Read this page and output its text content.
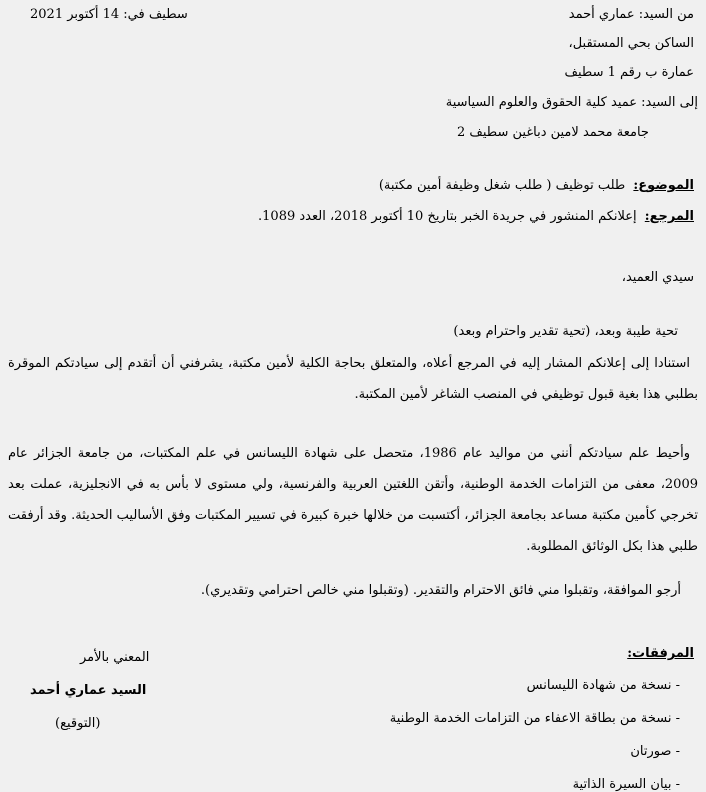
من السيد: عماري أحمد
الساكن بحي المستقبل،
عمارة ب رقم 1 سطيف
سطيف في: 14 أكتوبر 2021
إلى السيد: عميد كلية الحقوق والعلوم السياسية
جامعة محمد لامين دباغين سطيف 2
الموضوع: طلب توظيف ( طلب شغل وظيفة أمين مكتبة)
المرجع: إعلانكم المنشور في جريدة الخبر بتاريخ 10 أكتوبر 2018، العدد 1089.
سيدي العميد،
تحية طيبة وبعد، (تحية تقدير واحترام وبعد)
استنادا إلى إعلانكم المشار إليه في المرجع أعلاه، والمتعلق بحاجة الكلية لأمين مكتبة، يشرفني أن أتقدم إلى سيادتكم الموقرة
بطلبي هذا بغية قبول توظيفي في المنصب الشاغر لأمين المكتبة.
وأحيط علم سيادتكم أنني من مواليد عام 1986، متحصل على شهادة الليسانس في علم المكتبات، من جامعة الجزائر عام
2009، معفى من التزامات الخدمة الوطنية، وأتقن اللغتين العربية والفرنسية، ولي مستوى لا بأس به في الانجليزية، عملت بعد
تخرجي كأمين مكتبة مساعد بجامعة الجزائر، أكتسبت من خلالها خبرة كبيرة في تسيير المكتبات وفق الأساليب الحديثة. وقد أرفقت
طلبي هذا بكل الوثائق المطلوبة.
أرجو الموافقة، وتقبلوا مني فائق الاحترام والتقدير. (وتقبلوا مني خالص احترامي وتقديري).
المرفقات:
- نسخة من شهادة الليسانس
- نسخة من بطاقة الاعفاء من التزامات الخدمة الوطنية
- صورتان
- بيان السيرة الذاتية
المعني بالأمر
السيد عماري أحمد
(التوقيع)
